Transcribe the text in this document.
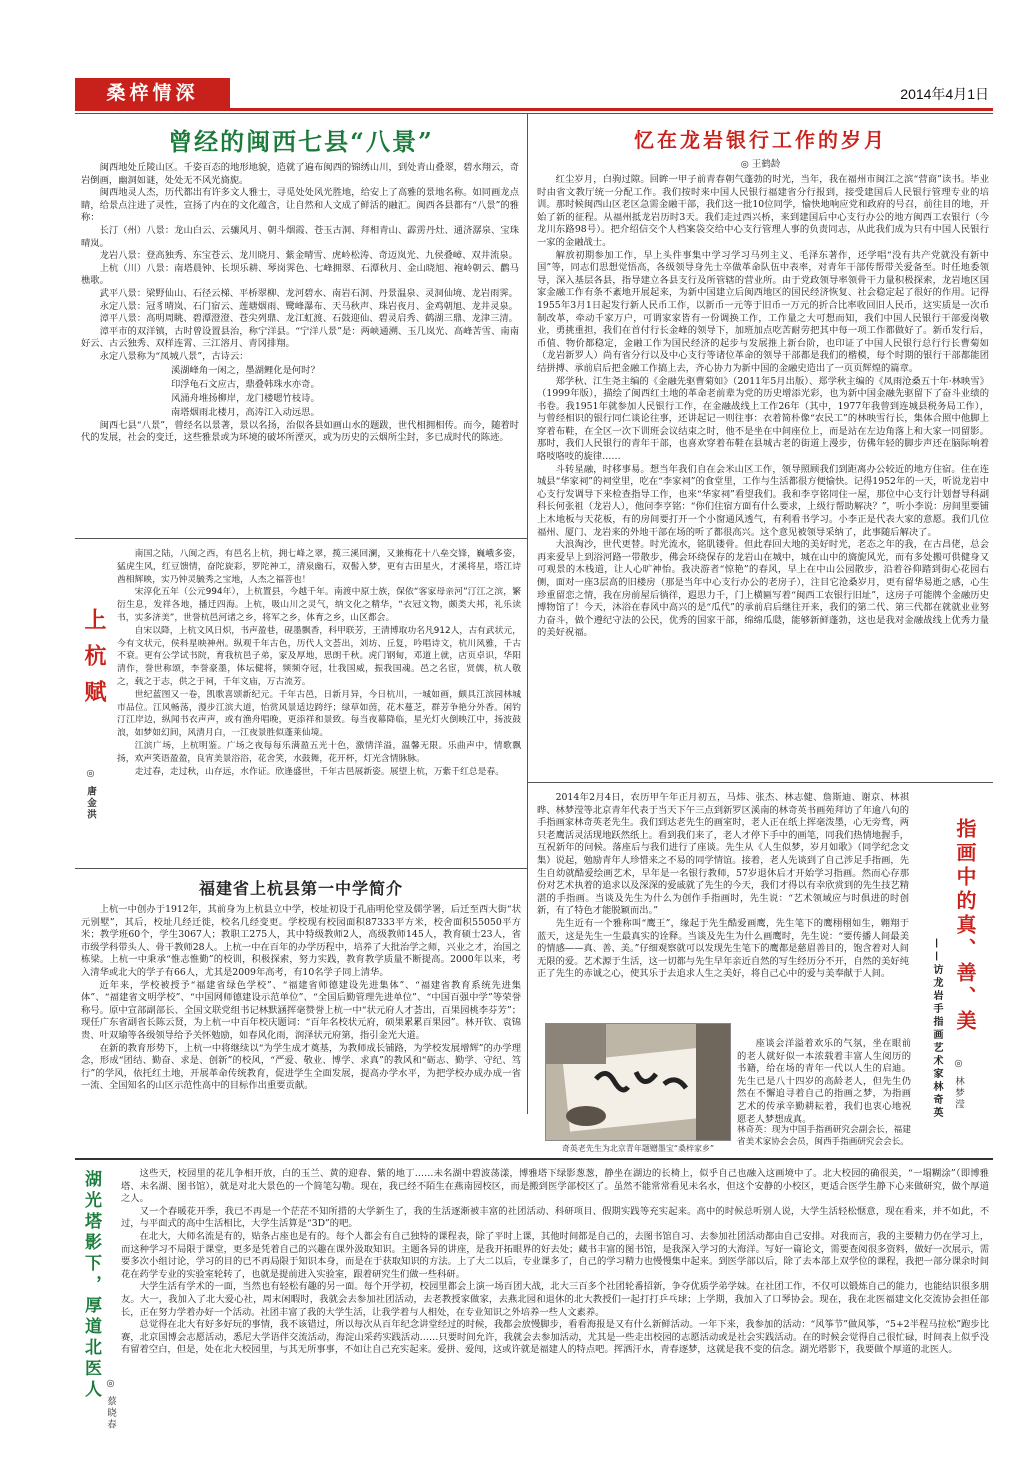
桑梓情深	2014年4月1日
曾经的闽西七县“八景”

闽西地处丘陵山区。千姿百态的地形地貌，造就了遍布闽西的锦绣山川，到处青山叠翠，碧水翔云，奇岩倒画，幽洞如谜，处处无不风光旖旎。

闽西地灵人杰，历代都出有许多文人雅士，寻觅处处风光胜地，给安上了高雅的景地名称。如同画龙点睛，给景点注进了灵性，宣扬了内在的文化蕴含，让自然和人文成了鲜活的融汇。闽西各县都有“八景”的雅称：

长汀（州）八景：龙山白云、云骧风月、朝斗烟霞、苍玉古洞、拜相青山、霹雳丹灶、通济潺泉、宝珠晴岚。

龙岩八景：登高独秀、东宝苍云、龙川晓月、紫金晴雪、虎岭松涛、奇迈岚光、九侯叠嶂、双井流泉。

上杭（川）八景：南塔晨钟、长坝乐耕、琴岗霁色、七峰拥翠、石潭秋月、金山晓旭、袍岭朝云、鹳马樵歌。

武平八景：梁野仙山、石径云梯、平桥翠柳、龙河碧水、南岩石洞、丹景温泉、灵洞仙境、龙岩雨霁。

永定八景：冠豸晴岚、石门宿云、莲塘烟雨、鹭峰瀑布、天马秋声、珠岩夜月、金鸡朝旭、龙井灵泉。

漳平八景：高明周眺、碧潭澄澄、苍尖列鼎、龙江虹渡、石鼓迎仙、碧灵启秀、鹤湖三鼎、龙津三清。

漳平市的双洋镇，古时曾设置县治，称宁洋县。“宁洋八景”是：两峡通溯、玉几岚光、高峰苦雪、南南好云、古云独秀、双样连霄、三江溶月、青冈排翔。

永定八景称为“凤城八景”，古诗云：

溪湖峰角一闲之，墨湖鲤化是何时？
印浮龟石文应古，鼎叠韩珠水亦奇。
风涌舟堆扬柳岸，龙门楼嗯竹枝诗。
南塔烟雨北楼月，高涛江入动远思。

闽西七县“八景”，曾经名以景著，景以名扬，治似各县如画山水的题跋，世代相拥相传。而今，随着时代的发展，社会的变迁，这些雅景或为环境的破坏所湮灭，或为历史的云烟所尘封，多已成时代的陈迹。

上杭赋
◎ 唐金洪

南国之陆，八闽之西，有邑名上杭，拥七峰之翠，揽三溪回澜，又兼梅花十八垒交锋，巍峨多姿，猛虎生风，红豆馈情，奋陀旋彩，罗陀神工，清泉幽石，双髻入梦，更有古田星火，才溪将星，塔江诗酋相辉映，实乃钟灵毓秀之宝地，人杰之福菩也！

宋淳化五年（公元994年），上杭置县，今越千年。南渡中原士族，保依“客家母亲河”汀江之滨，繁衍生息，发祥各地，播迁四海。上杭，吸山川之灵气，纳文化之精华，“衣冠文物，颇类大邦，礼乐读书，实多济美”，世誉杭邑河诸之乡，将军之乡，体育之乡，山区都会。

自宋以降，上杭文风日炽，书声盈巷，砚墨飘香，科甲联芳，王清博取功名凡912人，古有武状元，今有文状元，侯科星映神州。纵观千年古色，历代人文荟出，刘坊、丘复，吟唱诗文，杭川风雅，千古不衰。更有公学试书院，育我杭邑子弟，家及厚地，思朗千秋。虎门钢甸，邓道上就，店页卓识，华阳清作，誉世称颂，李誉豪墨，体坛健将，频频夺冠，壮我国威，振我国魂。邑之名宦，贤儒，杭人敬之，载之于志，供之于祠，千年文庙，万古流芳。

世纪蓝图又一卷，凯歌喜颂新纪元。千年古邑，日新月异，今日杭川，一城如画，颇具江滨园林城市品位。江风畅荡，漫步江滨大道，怡赏风景适边跨纾；绿草如茵，花木蔓芝，群芳争艳分外香。闲钓汀江岸边，纵闻书衣声声，或有渔舟唱晚，更添祥和景致。每当夜幕降临，星光灯火倒映江中，扬波鼓浪，如梦如幻间，风清月白，一江夜景胜似蓬莱仙境。

江滨广场，上杭明鉴。广场之夜每每乐满盈五光十色，激情洋溢，温馨无限。乐曲声中，情歌飘扬，欢声笑语盈盈，良宵美景浴浴，花舍笑，水鼓舞，花开杯，灯光含情脉脉。

走过春，走过秋，山存远，水作证。欣逢盛世，千年古邑展新姿。展望上杭，万紫千红总是春。

福建省上杭县第一中学简介

上杭一中创办于1912年，其前身为上杭县立中学，校址初设于孔庙明伦堂及儒学署，后迁至西大街“状元别墅”，其后，校址几经迁徙，校名几经变更。学校现有校园面积87333平方米，校舍面积55050平方米；教学班60个，学生3067人；教职工275人，其中特级教师2人，高级教师145人，教育硕士23人，省市级学科带头人、骨干教师28人。上杭一中在百年的办学历程中，培养了大批治学之师，兴业之才，治国之栋梁。上杭一中秉承“惟志惟勤”的校训，积极探索，努力实践，教育教学质量不断提高。2000年以来，考入清华或北大的学子有66人，尤其是2009年高考，有10名学子同上清华。

近年来，学校被授予“福建省绿色学校”、“福建省师德建设先进集体”、“福建省教育系统先进集体”、“福建省文明学校”、“中国网师德建设示范单位”、“全国后勤管理先进单位”、“中国百强中学”等荣誉称号。原中宣部副部长、全国文联党组书记林默涵挥毫赞誉上杭一中“状元府人才荟出，百果园桃李芬芳”；现任广东省副省长陈云贤，为上杭一中百年校庆题词：“百年名校状元府，硕果累累百果园”。林开钦、袁锦贵、叶双瑜等各级领导给予关怀勉励，如春风化雨，润泽状元府第，指引金光大道。

在新的教育形势下，上杭一中将继续以“为学生成才奠基，为教师成长铺路，为学校发展增辉”的办学理念，形成“团结、勤奋、求是、创新”的校风，“严爱、敬业、博学、求真”的教风和“砺志、勤学、守纪、笃行”的学风，依托红土地，开展革命传统教育，促进学生全面发展，提高办学水平，为把学校办成办成一省一流、全国知名的山区示范性高中的目标作出重要贡献。

忆在龙岩银行工作的岁月
◎ 王鹤龄

红尘岁月，白驹过隙。回眸一甲子前青春朝气蓬勃的时光，当年，我在福州市闽江之滨“营商”读书。毕业时由省文教厅统一分配工作。我们按时来中国人民银行福建省分行报到，接受建国后人民银行管理专业的培训。那时候闽西山区老区急需金融干部，我们这一批10位同学，愉快地响应党和政府的号召，前往目的地，开始了新的征程。从福州抵龙岩历时3天。我们走过西兴桥，来到建国后中心支行办公的地方闽西工农银行（今龙川东路98号）。把介绍信交个人档案袋交给中心支行管理人事的负责同志，从此我们成为只有中国人民银行一家的金融战士。

解放初期参加工作，早上头件事集中学习学习马列主义、毛泽东著作，还学唱“没有共产党就没有新中国”等，同志们思想觉悟高，各级领导身先士卒做革命队伍中表率，对青年干部传帮带关爱备至。时任地委领导，深入基层各县，指导建立各县支行及所管辖的营业所。由于党政领导率领骨干力量积极探索，龙岩地区国家金融工作有条不紊地开展起来，为新中国建立后闽西地区的国民经济恢复、社会稳定起了很好的作用。记得1955年3月1日起发行新人民币工作，以新币一元等于旧币一万元的折合比率收回旧人民币，这实质是一次币制改革，牵动千家万户，可谓家家皆有一份调换工作，工作量之大可想而知，我们中国人民银行干部爱岗敬业，勇挑重担，我们在首付行长金峰的领导下，加班加点吃苦耐劳把其中每一项工作都做好了。新币发行后，币值、物价都稳定，金融工作为国民经济的起步与发展推上新台阶，也印证了中国人民银行总行行长曹菊如（龙岩新罗人）尚有省分行以及中心支行等诸位革命的领导干部都是我们的楷模，每个时期的银行干部都能团结拼搏、承前启后把金融工作搞上去，齐心协力为新中国的金融史造出了一页页辉煌的篇章。

郑学秋、江生尧主编的《金融先驱曹菊如》（2011年5月出版）、郑学秋主编的《凤雨沧桑五十年·林映雪》（1999年版），描绘了闽西红土地的革命老前辈为党的历史增添光彩，也为新中国金融先驱留下了奋斗业绩的书卷。我1951年就参加人民银行工作，在金融战线上工作26年（其中，1977年我曾到连城县税务局工作），与曾经相识的银行同仁谈论往事，还讲起记一则往事：衣着简朴像“农民工”的林映雪行长，集体合照中他脚上穿着布鞋，在全区一次下训班会议结束之时，他不是坐在中间座位上，而是站在左边角落上和大家一同留影。那时，我们人民银行的青年干部，也喜欢穿着布鞋在县城古老的街道上漫步，仿佛年轻的脚步声还在脑际响着咯吱咯吱的旋律……

斗转星融，时移事易。想当年我们自在会米山区工作，领导照顾我们到距离办公较近的地方住宿。住在连城县“华家祠”的祠堂里，吃在“李家祠”的食堂里，工作与生活都很方便愉快。记得1952年的一天，听说龙岩中心支行发调导下来检查指导工作，也来“华家祠”看望我们。我和李亨铭同住一屋，那位中心支行计划督导科副科长何张祖（龙岩人），他问李亨铭：“你们住宿方面有什么要求，上级行帮助解决？”，听小李说：房间里要铺上木地板与天花板，有的房间要打开一个小窗通风透气，有利看书学习。小李正是代表大家的意愿。我们几位福州、厦门、龙岩来的外地干部在场的听了都很高兴。这个意见被领导采纳了，此事随后解决了。

大浪淘沙，世代更替。时光流水，铭肌镂骨。但此春回大地的美好时光，老态之年的我，在古昌佬，总会再来爱早上到浴河路一带散步，佛会环绕保存的龙岩山在城中，城在山中的旖旎风光，而有多处搬可供健身又可观景的木栈道，让人心旷神怡。我决游者“惊艳”的春风，早上在中山公园散步，沿着谷仰踏到街心花园右侧，面对一座3层高的旧楼房（那是当年中心支行办公的老房子），注目它沧桑岁月，更有留华易逝之感，心生珍重留恋之情，我在房前屋后徜徉，遐思力千，门上横匾写着“闽西工农银行旧址”，这房子可能牌个金融历史博物馆了！今天，沐浴在春风中高兴的是“瓜代”的承前启后继往开来，我们的第二代、第三代都在就就业业努力奋斗，做个遵纪守法的公民，优秀的国家干部，绵绵瓜瓞，能够新鲜蓬勃，这也是我对金融战线上优秀力量的美好祝福。

2014年2月4日，农历甲午年正月初五，马炜、张杰、林志健、詹斯迪、谢京、林祺晔、林梦滢等北京青年代表于当天下午三点到新罗区溪南的林奇英书画苑拜访了年逾八旬的手指画家林奇英老先生。我们到达老先生的画室时，老人正在纸上挥毫泼墨，心无旁骛，两只老鹰活灵活现地跃然纸上。看到我们来了，老人才停下手中的画笔，同我们热情地握手，互祝新年的问候。落座后与我们进行了座谈。先生从《人生似梦，岁月如歌》（同学纪念文集）说起，勉励青年人珍惜来之不易的同学情谊。接着，老人先谈到了自己涉足手指画，先生自幼就酷爱绘画艺术，早年是一名银行教师，57岁退休后才开始学习指画。然而心存那份对艺术执着的追求以及深深的爱戚就了先生的今天，我们才得以有幸欣赏到的先生技艺精湛的手指画。当谈及先生为什么为创作手指画时，先生说：“艺术领域应与时俱进的时创新，有了特色才能脱颖而出。”

先生近有一个雅称叫“鹰王”，缘起于先生酷爱画鹰，先生笔下的鹰栩栩如生，翱翔于蓝天，这是先生一生最真实的诠释。当谈及先生为什么画鹰时，先生说：“要传播人间最美的情感——真、善、美。”仔细观察就可以发现先生笔下的鹰都是慈眉善目的，饱含着对人间无限的爱。艺术源于生活，这一切都与先生早年亲近自然的写生经历分不开，自然的美好纯正了先生的赤诚之心，使其乐于去追求人生之美好，将自己心中的爱与美奉献于人间。	指画中的真、善、美
——访龙岩手指画艺术家林奇英 ◎ 林梦滢
奇英老先生为北京青年题赠墨宝“桑梓家乡”

座谈会洋溢着欢乐的气氛，坐在眼前的老人就好似一本浓载着丰富人生阅历的书籍，给在场的青年一代以人生的启迪。先生已是八十四岁的高龄老人，但先生仍然在不懈追寻着自己的指画之梦，为指画艺术的传承辛勤耕耘着，我们也衷心地祝愿老人梦想成真。

林奇英：现为中国手指画研究会副会长，福建省美术家协会会员，闽西手指画研究会会长。
湖光塔影下，厚道北医人
◎ 蔡晓春

这些天，校园里的花儿争相开放，白的玉兰、黄的迎春、紫的地丁……未名湖中碧波荡漾，博雅塔下绿影葱葱，静坐在湖边的长椅上，似乎自己也融入这画境中了。北大校园的确很美，“一塌糊涂”（即博雅塔、未名湖、图书馆），就是对北大景色的一个简笔勾勒。现在，我已经不陌生在燕南园校区，而是搬到医学部校区了。虽然不能常常看见未名水，但这个安静的小校区，更适合医学生静下心来做研究，做个厚道之人。

又一个春暖花开季，我已不再是一个茫茫不知所措的大学新生了，我的生活逐渐被丰富的社团活动、科研项目、假期实践等充实起来。高中的时候总听别人说，大学生活轻松惬意，现在看来，并不如此，不过，与平面式的高中生活相比，大学生活算是“3D”的吧。

在北大，大师名流是有的，贴条占座也是有的。每个人都会有自己独特的课程表，除了平时上课，其他时间都是自己的，去图书馆自习、去参加社团活动都由自己安排。对我而言，我的主要精力仍在学习上，而这种学习不局限于课堂，更多是凭着自己的兴趣在课外汲取知识。主题各异的讲座，是我开拓眼界的好去处；藏书丰富的图书馆，是我深入学习的大海洋。写好一篇论文，需要查阅很多资料，做好一次展示，需要多次小组讨论，学习的目的已不再局限于知识本身，而是在于获取知识的方法。上了大二以后，专业课多了，自己的学习精力也慢慢集中起来。到医学部以后，除了去本部上双学位的课程，我把一部分课余时间花在药学专业的实验室轮转了，也就是提前进入实验室，跟着研究生们做一些科研。

大学生活有学术的一面，当然也有轻松有趣的另一面。每个开学初，校园里都会上演一场百团大战，北大三百多个社团轮番招新，争夺优质学弟学妹。在社团工作，不仅可以锻炼自己的能力，也能结识很多朋友。大一，我加入了北大爱心社，周末闲暇时，我就会去参加社团活动，去老教授家做家，去燕北园和退休的北大教授们一起打打乒乓球；上学期，我加入了口琴协会。现在，我在北医福建文化交流协会担任部长，正在努力学着办好一个活动。社团丰富了我的大学生活，让我学着与人相处，在专业知识之外培养一些人文素养。

总觉得在北大有好多好玩的事情，我不该错过，所以每次从百年纪念讲堂经过的时候，我都会放慢脚步，看看海报是又有什么新鲜活动。一年下来，我参加的活动：“风筝节”做风筝，“5+2半程马拉松”跑步比赛，北京国博会志愿活动，悉尼大学语伴交流活动，海淀山采药实践活动……只要时间允许，我就会去参加活动，尤其是一些走出校园的志愿活动或是社会实践活动。在的时候会觉得自己很忙碌，时间表上似乎没有留着空白，但是，处在北大校园里，与其无所事事，不如让自己充实起来。爱拼、爱闯，这或许就是福建人的特点吧。挥洒汗水，青春逐梦，这就是我不变的信念。湖光塔影下，我要做个厚道的北医人。
